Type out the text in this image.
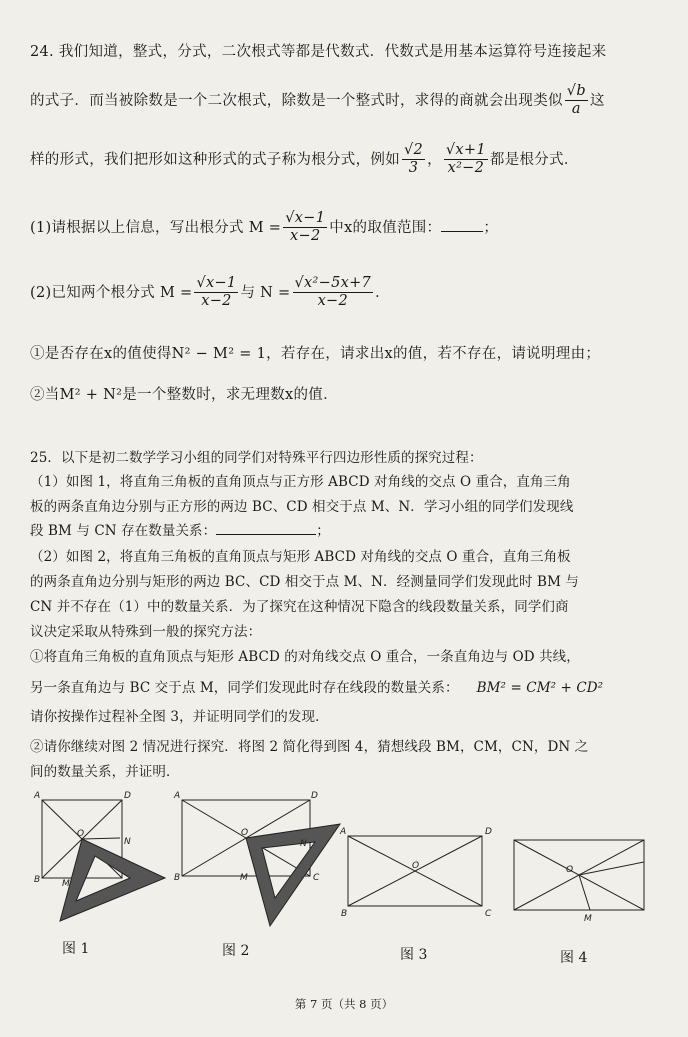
24. 我们知道，整式，分式，二次根式等都是代数式．代数式是用基本运算符号连接起来
的式子．而当被除数是一个二次根式，除数是一个整式时，求得的商就会出现类似 $\frac{√b}{a}$ 这
样的形式，我们把形如这种形式的式子称为根分式，例如 $\frac{√2}{3}$ ， $\frac{√x+1}{\text{x²−2}}$ 都是根分式．
(1)请根据以上信息，写出根分式 $M = \frac{√x-1}{x-2}$ 中x的取值范围：	；
(2)已知两个根分式 $M = \frac{√x-1}{x-2}$ 与 $N = \frac{\text{√x²−5x+7}}{x-2}$ ．
①是否存在x的值使得N² − M² = 1，若存在，请求出x的值，若不存在，请说明理由；
②当M² + N²是一个整数时，求无理数x的值．
25．以下是初二数学学习小组的同学们对特殊平行四边形性质的探究过程：
（1）如图 1，将直角三角板的直角顶点与正方形 ABCD 对角线的交点 O 重合，直角三角
板的两条直角边分别与正方形的两边 BC、CD 相交于点 M、N．学习小组的同学们发现线
段 BM 与 CN 存在数量关系：	；
（2）如图 2，将直角三角板的直角顶点与矩形 ABCD 对角线的交点 O 重合，直角三角板
的两条直角边分别与矩形的两边 BC、CD 相交于点 M、N．经测量同学们发现此时 BM 与
CN 并不存在（1）中的数量关系．为了探究在这种情况下隐含的线段数量关系，同学们商
议决定采取从特殊到一般的探究方法：
①将直角三角板的直角顶点与矩形 ABCD 的对角线交点 O 重合，一条直角边与 OD 共线，
另一条直角边与 BC 交于点 M，同学们发现此时存在线段的数量关系： BM² = CM² + CD²
请你按操作过程补全图 3，并证明同学们的发现．
②请你继续对图 2 情况进行探究．将图 2 简化得到图 4，猜想线段 BM，CM，CN，DN 之
间的数量关系，并证明．
A	D
B
O
N
M
A	D
B	C
O
M
N
A	D
B	C
O
M
O
图 1	图 2	图 3	图 4
第 7 页（共 8 页）
